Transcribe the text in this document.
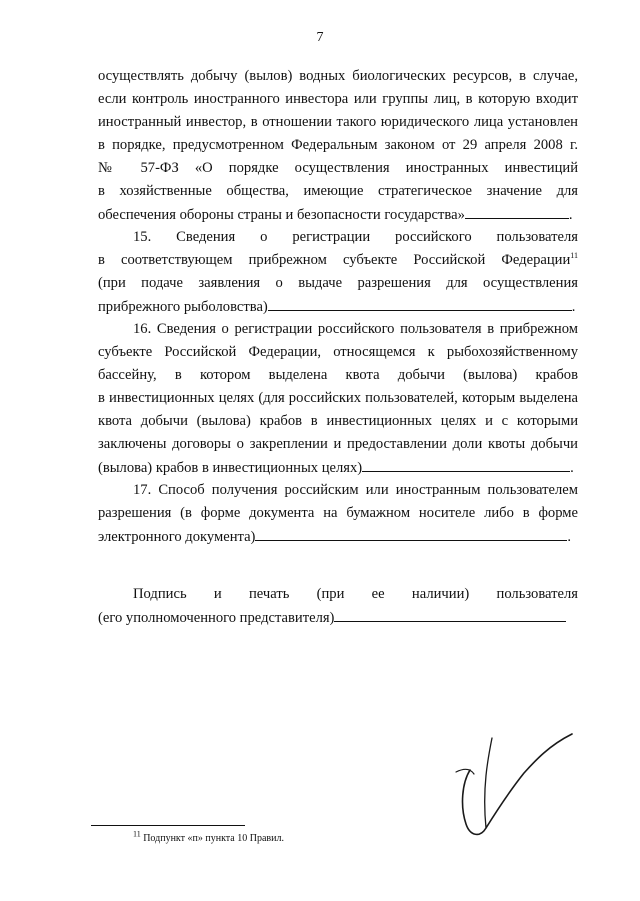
7
осуществлять добычу (вылов) водных биологических ресурсов, в случае,
если контроль иностранного инвестора или группы лиц, в которую входит
иностранный инвестор, в отношении такого юридического лица установлен
в порядке, предусмотренном Федеральным законом от 29 апреля 2008 г.
№ 57-ФЗ «О порядке осуществления иностранных инвестиций
в хозяйственные общества, имеющие стратегическое значение для
обеспечения обороны страны и безопасности государства»	.
15. Сведения о регистрации российского пользователя
в соответствующем прибрежном субъекте Российской Федерации$^{11}$
(при подаче заявления о выдаче разрешения для осуществления
прибрежного рыболовства)	.
16. Сведения о регистрации российского пользователя в прибрежном
субъекте Российской Федерации, относящемся к рыбохозяйственному
бассейну, в котором выделена квота добычи (вылова) крабов
в инвестиционных целях (для российских пользователей, которым выделена
квота добычи (вылова) крабов в инвестиционных целях и с которыми
заключены договоры о закреплении и предоставлении доли квоты добычи
(вылова) крабов в инвестиционных целях)	.
17. Способ получения российским или иностранным пользователем
разрешения (в форме документа на бумажном носителе либо в форме
электронного документа)	.
Подпись и печать (при ее наличии) пользователя
(его уполномоченного представителя)
$^{11}$ Подпункт «п» пункта 10 Правил.
